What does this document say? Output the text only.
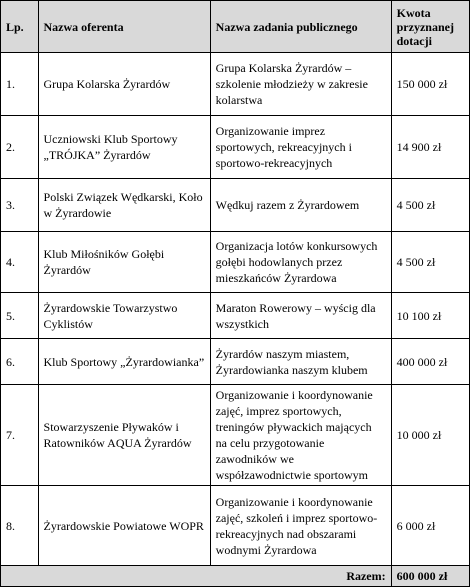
Lp.	Nazwa oferenta	Nazwa zadania publicznego	Kwota przyznanej dotacji
1.	Grupa Kolarska Żyrardów	Grupa Kolarska Żyrardów – szkolenie młodzieży w zakresie kolarstwa	150 000 zł
2.	Uczniowski Klub Sportowy „TRÓJKA” Żyrardów	Organizowanie imprez sportowych, rekreacyjnych i sportowo-rekreacyjnych	14 900 zł
3.	Polski Związek Wędkarski, Koło w Żyrardowie	Wędkuj razem z Żyrardowem	4 500 zł
4.	Klub Miłośników Gołębi Żyrardów	Organizacja lotów konkursowych gołębi hodowlanych przez mieszkańców Żyrardowa	4 500 zł
5.	Żyrardowskie Towarzystwo Cyklistów	Maraton Rowerowy – wyścig dla wszystkich	10 100 zł
6.	Klub Sportowy „Żyrardowianka”	Żyrardów naszym miastem, Żyrardowianka naszym klubem	400 000 zł
7.	Stowarzyszenie Pływaków i Ratowników AQUA Żyrardów	Organizowanie i koordynowanie zajęć, imprez sportowych, treningów pływackich mających na celu przygotowanie zawodników we współzawodnictwie sportowym	10 000 zł
8.	Żyrardowskie Powiatowe WOPR	Organizowanie i koordynowanie zajęć, szkoleń i imprez sportowo-rekreacyjnych nad obszarami wodnymi Żyrardowa	6 000 zł
Razem:			600 000 zł
